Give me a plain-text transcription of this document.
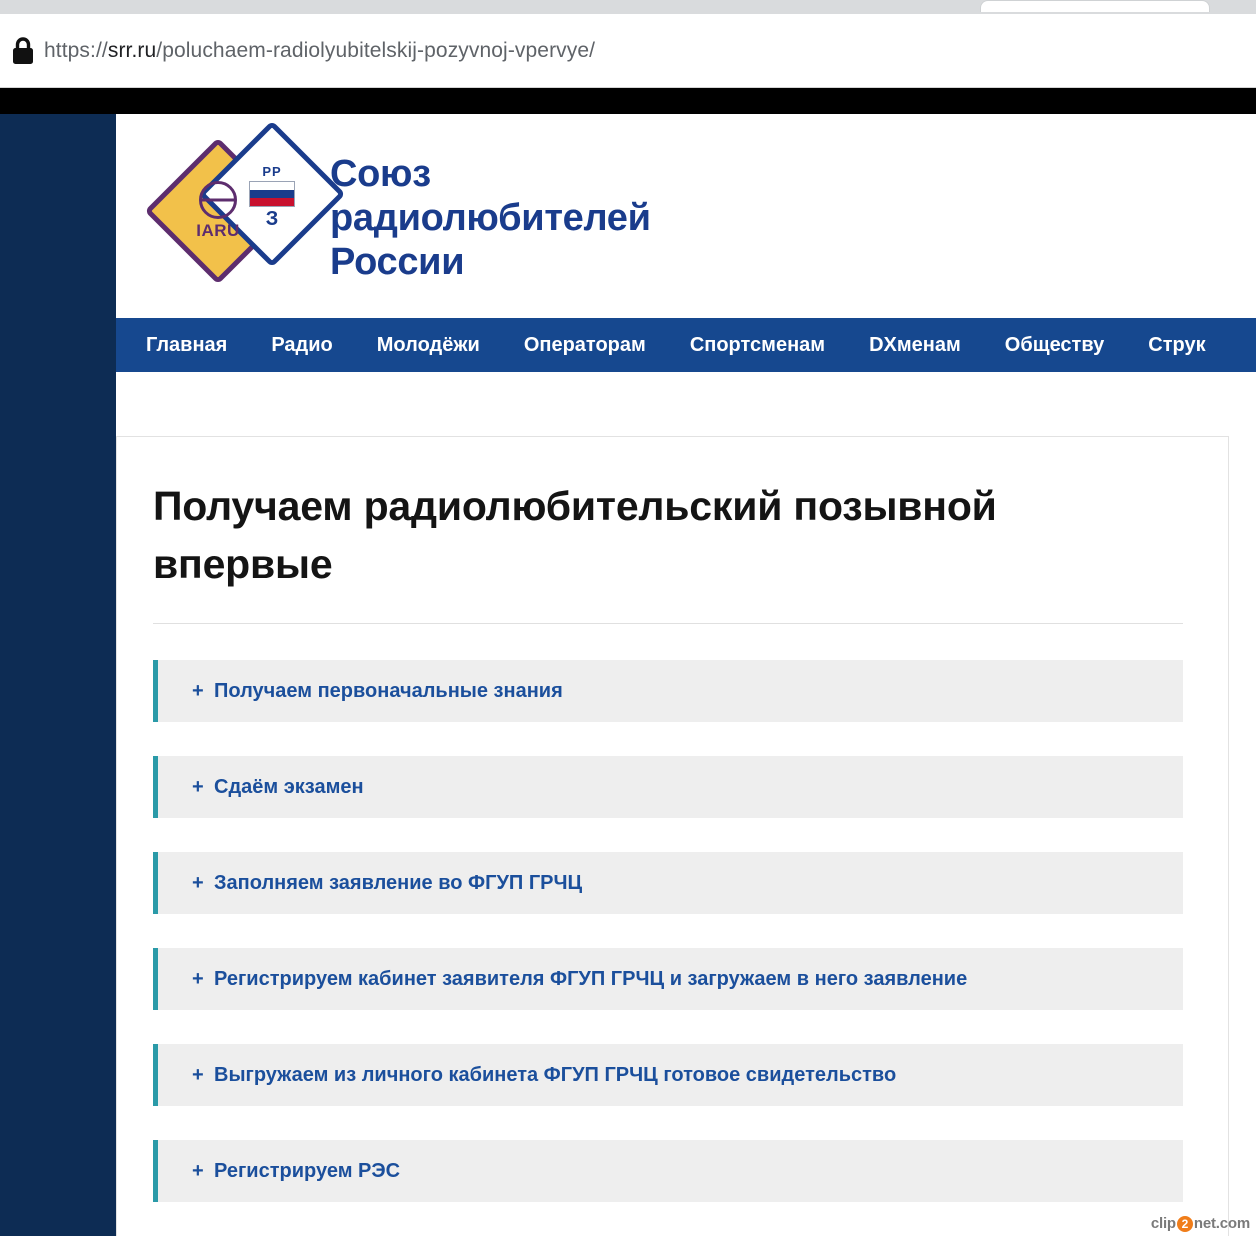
https://srr.ru/poluchaem-radiolyubitelskij-pozyvnoj-vpervye/
IARU
РР
З
Союз
радиолюбителей
России
Главная	Радио	Молодёжи	Операторам	Спортсменам	DXменам	Обществу	Струк
Получаем радиолюбительский позывной впервые
+ Получаем первоначальные знания
+ Сдаём экзамен
+ Заполняем заявление во ФГУП ГРЧЦ
+ Регистрируем кабинет заявителя ФГУП ГРЧЦ и загружаем в него заявление
+ Выгружаем из личного кабинета ФГУП ГРЧЦ готовое свидетельство
+ Регистрируем РЭС
clip 2 net.com
